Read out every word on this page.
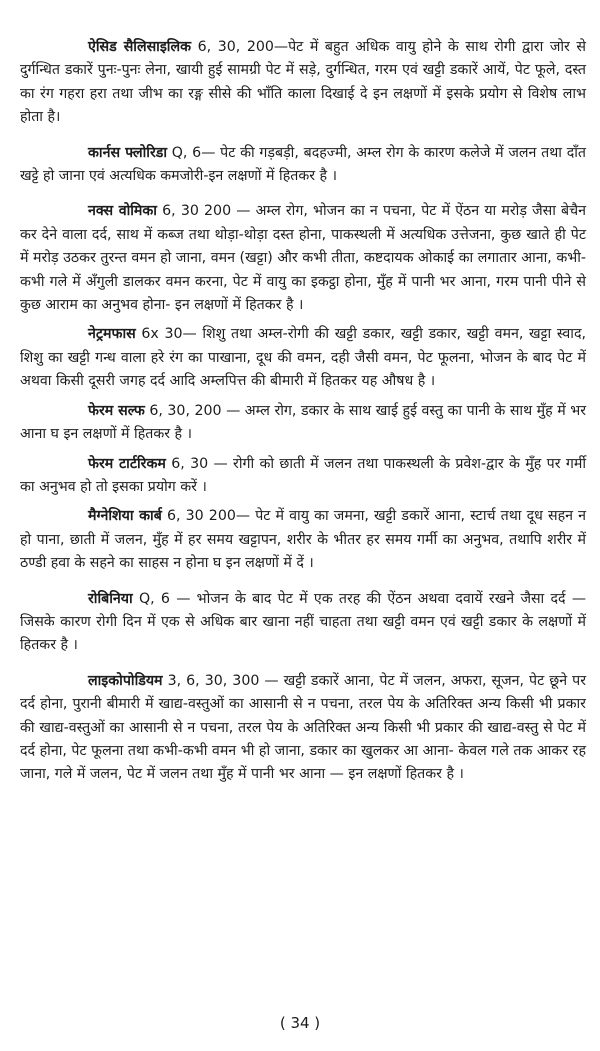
ऐसिड सैलिसाइलिक 6, 30, 200—पेट में बहुत अधिक वायु होने के साथ रोगी द्वारा जोर से दुर्गन्धित डकारें पुनः-पुनः लेना, खायी हुई सामग्री पेट में सड़े, दुर्गन्धित, गरम एवं खट्टी डकारें आयें, पेट फूले, दस्त का रंग गहरा हरा तथा जीभ का रङ्ग सीसे की भाँति काला दिखाई दे इन लक्षणों में इसके प्रयोग से विशेष लाभ होता है।

कार्नस फ्लोरिडा Q, 6— पेट की गड़बड़ी, बदहज्मी, अम्ल रोग के कारण कलेजे में जलन तथा दाँत खट्टे हो जाना एवं अत्यधिक कमजोरी-इन लक्षणों में हितकर है ।

नक्स वोमिका 6, 30 200 — अम्ल रोग, भोजन का न पचना, पेट में ऐंठन या मरोड़ जैसा बेचैन कर देने वाला दर्द, साथ में कब्ज तथा थोड़ा-थोड़ा दस्त होना, पाकस्थली में अत्यधिक उत्तेजना, कुछ खाते ही पेट में मरोड़ उठकर तुरन्त वमन हो जाना, वमन (खट्टा) और कभी तीता, कष्टदायक ओकाई का लगातार आना, कभी-कभी गले में अँगुली डालकर वमन करना, पेट में वायु का इकट्ठा होना, मुँह में पानी भर आना, गरम पानी पीने से कुछ आराम का अनुभव होना- इन लक्षणों में हितकर है ।

नेट्रमफास 6x 30— शिशु तथा अम्ल-रोगी की खट्टी डकार, खट्टी डकार, खट्टी वमन, खट्टा स्वाद, शिशु का खट्टी गन्ध वाला हरे रंग का पाखाना, दूध की वमन, दही जैसी वमन, पेट फूलना, भोजन के बाद पेट में अथवा किसी दूसरी जगह दर्द आदि अम्लपित्त की बीमारी में हितकर यह औषध है ।

फेरम सल्फ 6, 30, 200 — अम्ल रोग, डकार के साथ खाई हुई वस्तु का पानी के साथ मुँह में भर आना घ इन लक्षणों में हितकर है ।

फेरम टार्टरिकम 6, 30 — रोगी को छाती में जलन तथा पाकस्थली के प्रवेश-द्वार के मुँह पर गर्मी का अनुभव हो तो इसका प्रयोग करें ।

मैग्नेशिया कार्ब 6, 30 200— पेट में वायु का जमना, खट्टी डकारें आना, स्टार्च तथा दूध सहन न हो पाना, छाती में जलन, मुँह में हर समय खट्टापन, शरीर के भीतर हर समय गर्मी का अनुभव, तथापि शरीर में ठण्डी हवा के सहने का साहस न होना घ इन लक्षणों में दें ।

रोबिनिया Q, 6 — भोजन के बाद पेट में एक तरह की ऐंठन अथवा दवायें रखने जैसा दर्द — जिसके कारण रोगी दिन में एक से अधिक बार खाना नहीं चाहता तथा खट्टी वमन एवं खट्टी डकार के लक्षणों में हितकर है ।

लाइकोपोडियम 3, 6, 30, 300 — खट्टी डकारें आना, पेट में जलन, अफरा, सूजन, पेट छूने पर दर्द होना, पुरानी बीमारी में खाद्य-वस्तुओं का आसानी से न पचना, तरल पेय के अतिरिक्त अन्य किसी भी प्रकार की खाद्य-वस्तुओं का आसानी से न पचना, तरल पेय के अतिरिक्त अन्य किसी भी प्रकार की खाद्य-वस्तु से पेट में दर्द होना, पेट फूलना तथा कभी-कभी वमन भी हो जाना, डकार का खुलकर आ आना- केवल गले तक आकर रह जाना, गले में जलन, पेट में जलन तथा मुँह में पानी भर आना — इन लक्षणों हितकर है ।

( 34 )
